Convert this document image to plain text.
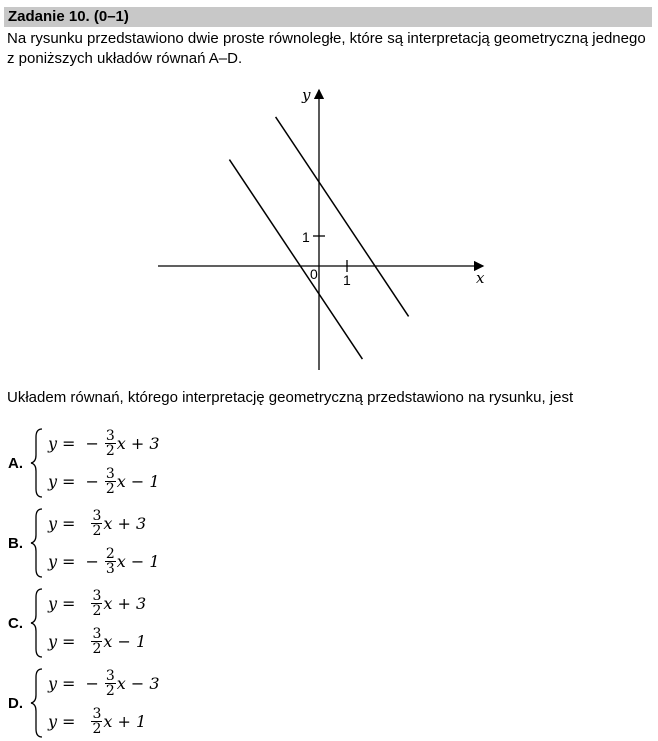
Zadanie 10. (0–1)
Na rysunku przedstawiono dwie proste równoległe, które są interpretacją geometryczną jednego z poniższych układów równań A–D.
x
y
0 1
1
Układem równań, którego interpretację geometryczną przedstawiono na rysunku, jest
A.
y = − $\frac{3}{2}$ x + 3
y = − $\frac{3}{2}$ x − 1
B.
$y = \frac{3}{2}$ x + 3
y = − $\frac{2}{3}$ x − 1
C.
$y = \frac{3}{2}$ x + 3
$y = \frac{3}{2}$ x − 1
D.
y = − $\frac{3}{2}$ x − 3
$y = \frac{3}{2}$ x + 1
